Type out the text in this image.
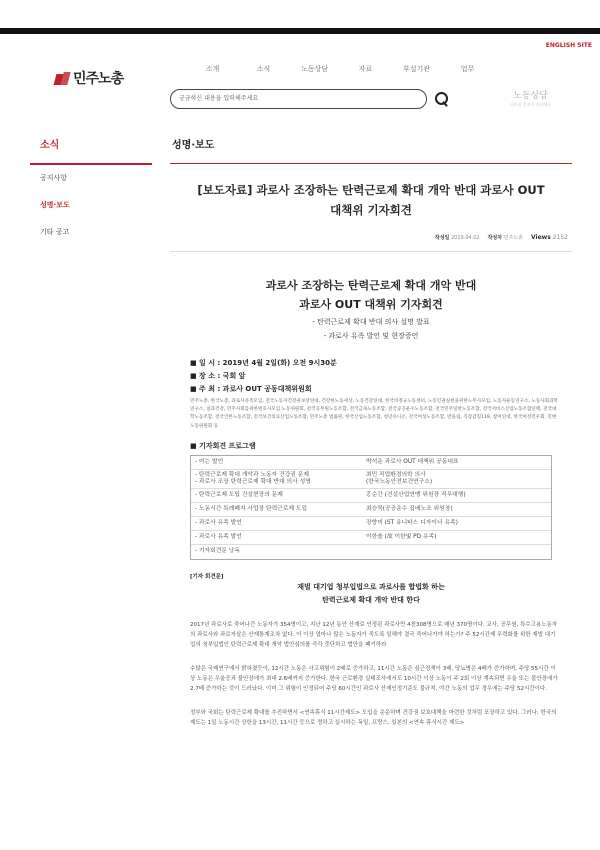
ENGLISH SITE
민주노총
소개	소식	노동상담	자료	부설기관	업무
궁금하신 내용을 입력해주세요	노동상담
더이상 혼자가 아니에요
소식
공지사항
성명·보도
기타 공고
성명·보도
[보도자료] 과로사 조장하는 탄력근로제 확대 개악 반대 과로사 OUT 대책위 기자회견
작성일 2019.04.02 작성자 민주노총 Views 2152
과로사 조장하는 탄력근로제 확대 개악 반대
과로사 OUT 대책위 기자회견
- 탄력근로제 확대 반대 의사 설명 발표
- 과로사 유족 발언 및 현장증언
■ 일 시 : 2019년 4월 2일(화) 오전 9시30분
■ 장 소 : 국회 앞
■ 주 최 : 과로사 OUT 공동대책위원회
민주노총, 한국노총, 과로사유족모임, 전국노동자건강권보장연대, 건강한노동세상, 노동건강연대, 한국비정규노동센터, 노동인권실현을위한노무사모임, 노동자운동연구소, 노동사회과학연구소, 일과건강, 민주사회를위한변호사모임 노동위원회, 전국공무원노동조합, 전국금속노동조합, 전국공공운수노동조합, 전국민주일반노동조합, 전국서비스산업노동조합연맹, 전국대학노동조합, 전국언론노동조합, 전국보건의료산업노동조합, 민주노총 법률원, 한국산업노동조합, 청년유니온, 전국여성노동조합, 반올림, 직장갑질119, 참여연대, 한국여성민우회, 민변 노동위원회 등
■ 기자회견 프로그램
- 여는 발언	박석운 과로사 OUT 대책위 공동대표
- 탄력근로제 확대 개악과 노동자 건강권 문제
- 과로사 조장 탄력근로제 확대 반대 의사 성명
최민 직업환경의학 의사
(한국노동안전보건연구소)
- 탄력근로제 도입 건설현장의 문제	홍순간 (건설산업연맹 위원장 직무대행)
- 노동시간 특례폐지 사업장 탄력근로제 도입	최승묵(공공운수 집배노조 위원장)
- 과로사 유족 발언	장향미 (ST 유니타스 디자이너 유족)
- 과로사 유족 발언	이한솔 (故 이한빛 PD 유족)
- 기자회견문 낭독
[기자 회견문]
재벌 대기업 청부입법으로 과로사를 합법화 하는
탄력근로제 확대 개악 반대 한다
2017년 과로사로 죽어나간 노동자가 354명이고, 지난 12년 동안 산재로 인정된 과로사만 4천308명으로 매년 370명이다. 교사, 공무원, 특수고용노동자의 과로사와 과로자살은 산재통계조차 없다. 이 이상 얼마나 많은 노동자가 죽도록 일해야 결국 죽어나가야 하는가? 주 52시간제 무력화를 위한 재벌 대기업의 청부입법인 탄력근로제 확대 개악 법안심의를 즉각 중단하고 법안을 폐기하라
수많은 국제연구에서 밝혀졌듯이, 12시간 노동은 사고위험이 2배로 증가하고, 11시간 노동은 심근경색이 3배, 당뇨병은 4배가 증가하며, 주당 55시간 이상 노동은 우울증과 불안장애가 최대 2.6배까지 증가한다. 한국 근로환경 실태조사에서도 10시간 이상 노동이 주 2회 이상 계속되면 우울 또는 불안장애가 2.7배 증가하는 것이 드러났다. 이미 그 위험이 인정되어 주당 60시간인 과로사 산재인정기준도 불규칙, 야간 노동의 업무 경우에는 주당 52시간이다.
정부와 국회는 탄력근로제 확대를 추진하면서 <연속휴식 11시간제도> 도입을 운운하며 건강권 보호대책을 마련한 것처럼 포장하고 있다. 그러나, 한국의 제도는 1일 노동시간 상한을 13시간, 11시간 등으로 정하고 실시하는 독일, 프랑스, 일본의 <연속 휴식시간 제도>
